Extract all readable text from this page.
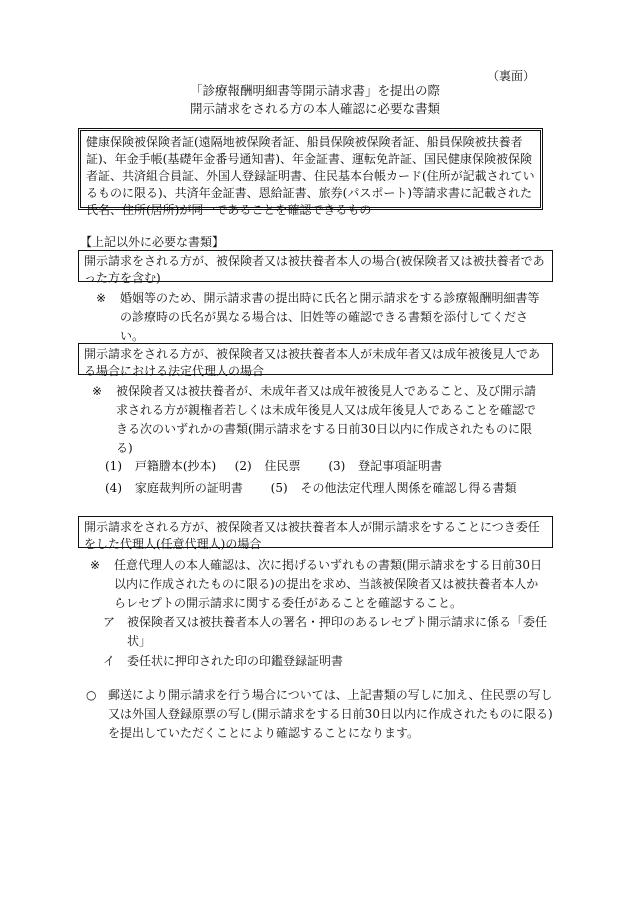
（裏面）
「診療報酬明細書等開示請求書」を提出の際
開示請求をされる方の本人確認に必要な書類
健康保険被保険者証(遠隔地被保険者証、船員保険被保険者証、船員保険被扶養者証)、年金手帳(基礎年金番号通知書)、年金証書、運転免許証、国民健康保険被保険者証、共済組合員証、外国人登録証明書、住民基本台帳カード(住所が記載されているものに限る)、共済年金証書、恩給証書、旅券(パスポート)等請求書に記載された氏名、住所(居所)が同一であることを確認できるもの
【上記以外に必要な書類】
開示請求をされる方が、被保険者又は被扶養者本人の場合(被保険者又は被扶養者であった方を含む)
※ 婚姻等のため、開示請求書の提出時に氏名と開示請求をする診療報酬明細書等の診療時の氏名が異なる場合は、旧姓等の確認できる書類を添付してください。
開示請求をされる方が、被保険者又は被扶養者本人が未成年者又は成年被後見人である場合における法定代理人の場合
※ 被保険者又は被扶養者が、未成年者又は成年被後見人であること、及び開示請求される方が親権者若しくは未成年後見人又は成年後見人であることを確認できる次のいずれかの書類(開示請求をする日前30日以内に作成されたものに限る)
(1) 戸籍謄本(抄本) (2) 住民票 (3) 登記事項証明書
(4) 家庭裁判所の証明書 (5) その他法定代理人関係を確認し得る書類
開示請求をされる方が、被保険者又は被扶養者本人が開示請求をすることにつき委任をした代理人(任意代理人)の場合
※ 任意代理人の本人確認は、次に掲げるいずれもの書類(開示請求をする日前30日以内に作成されたものに限る)の提出を求め、当該被保険者又は被扶養者本人からレセプトの開示請求に関する委任があることを確認すること。
ア 被保険者又は被扶養者本人の署名・押印のあるレセプト開示請求に係る「委任状」
イ 委任状に押印された印の印鑑登録証明書
○ 郵送により開示請求を行う場合については、上記書類の写しに加え、住民票の写し又は外国人登録原票の写し(開示請求をする日前30日以内に作成されたものに限る)を提出していただくことにより確認することになります。
